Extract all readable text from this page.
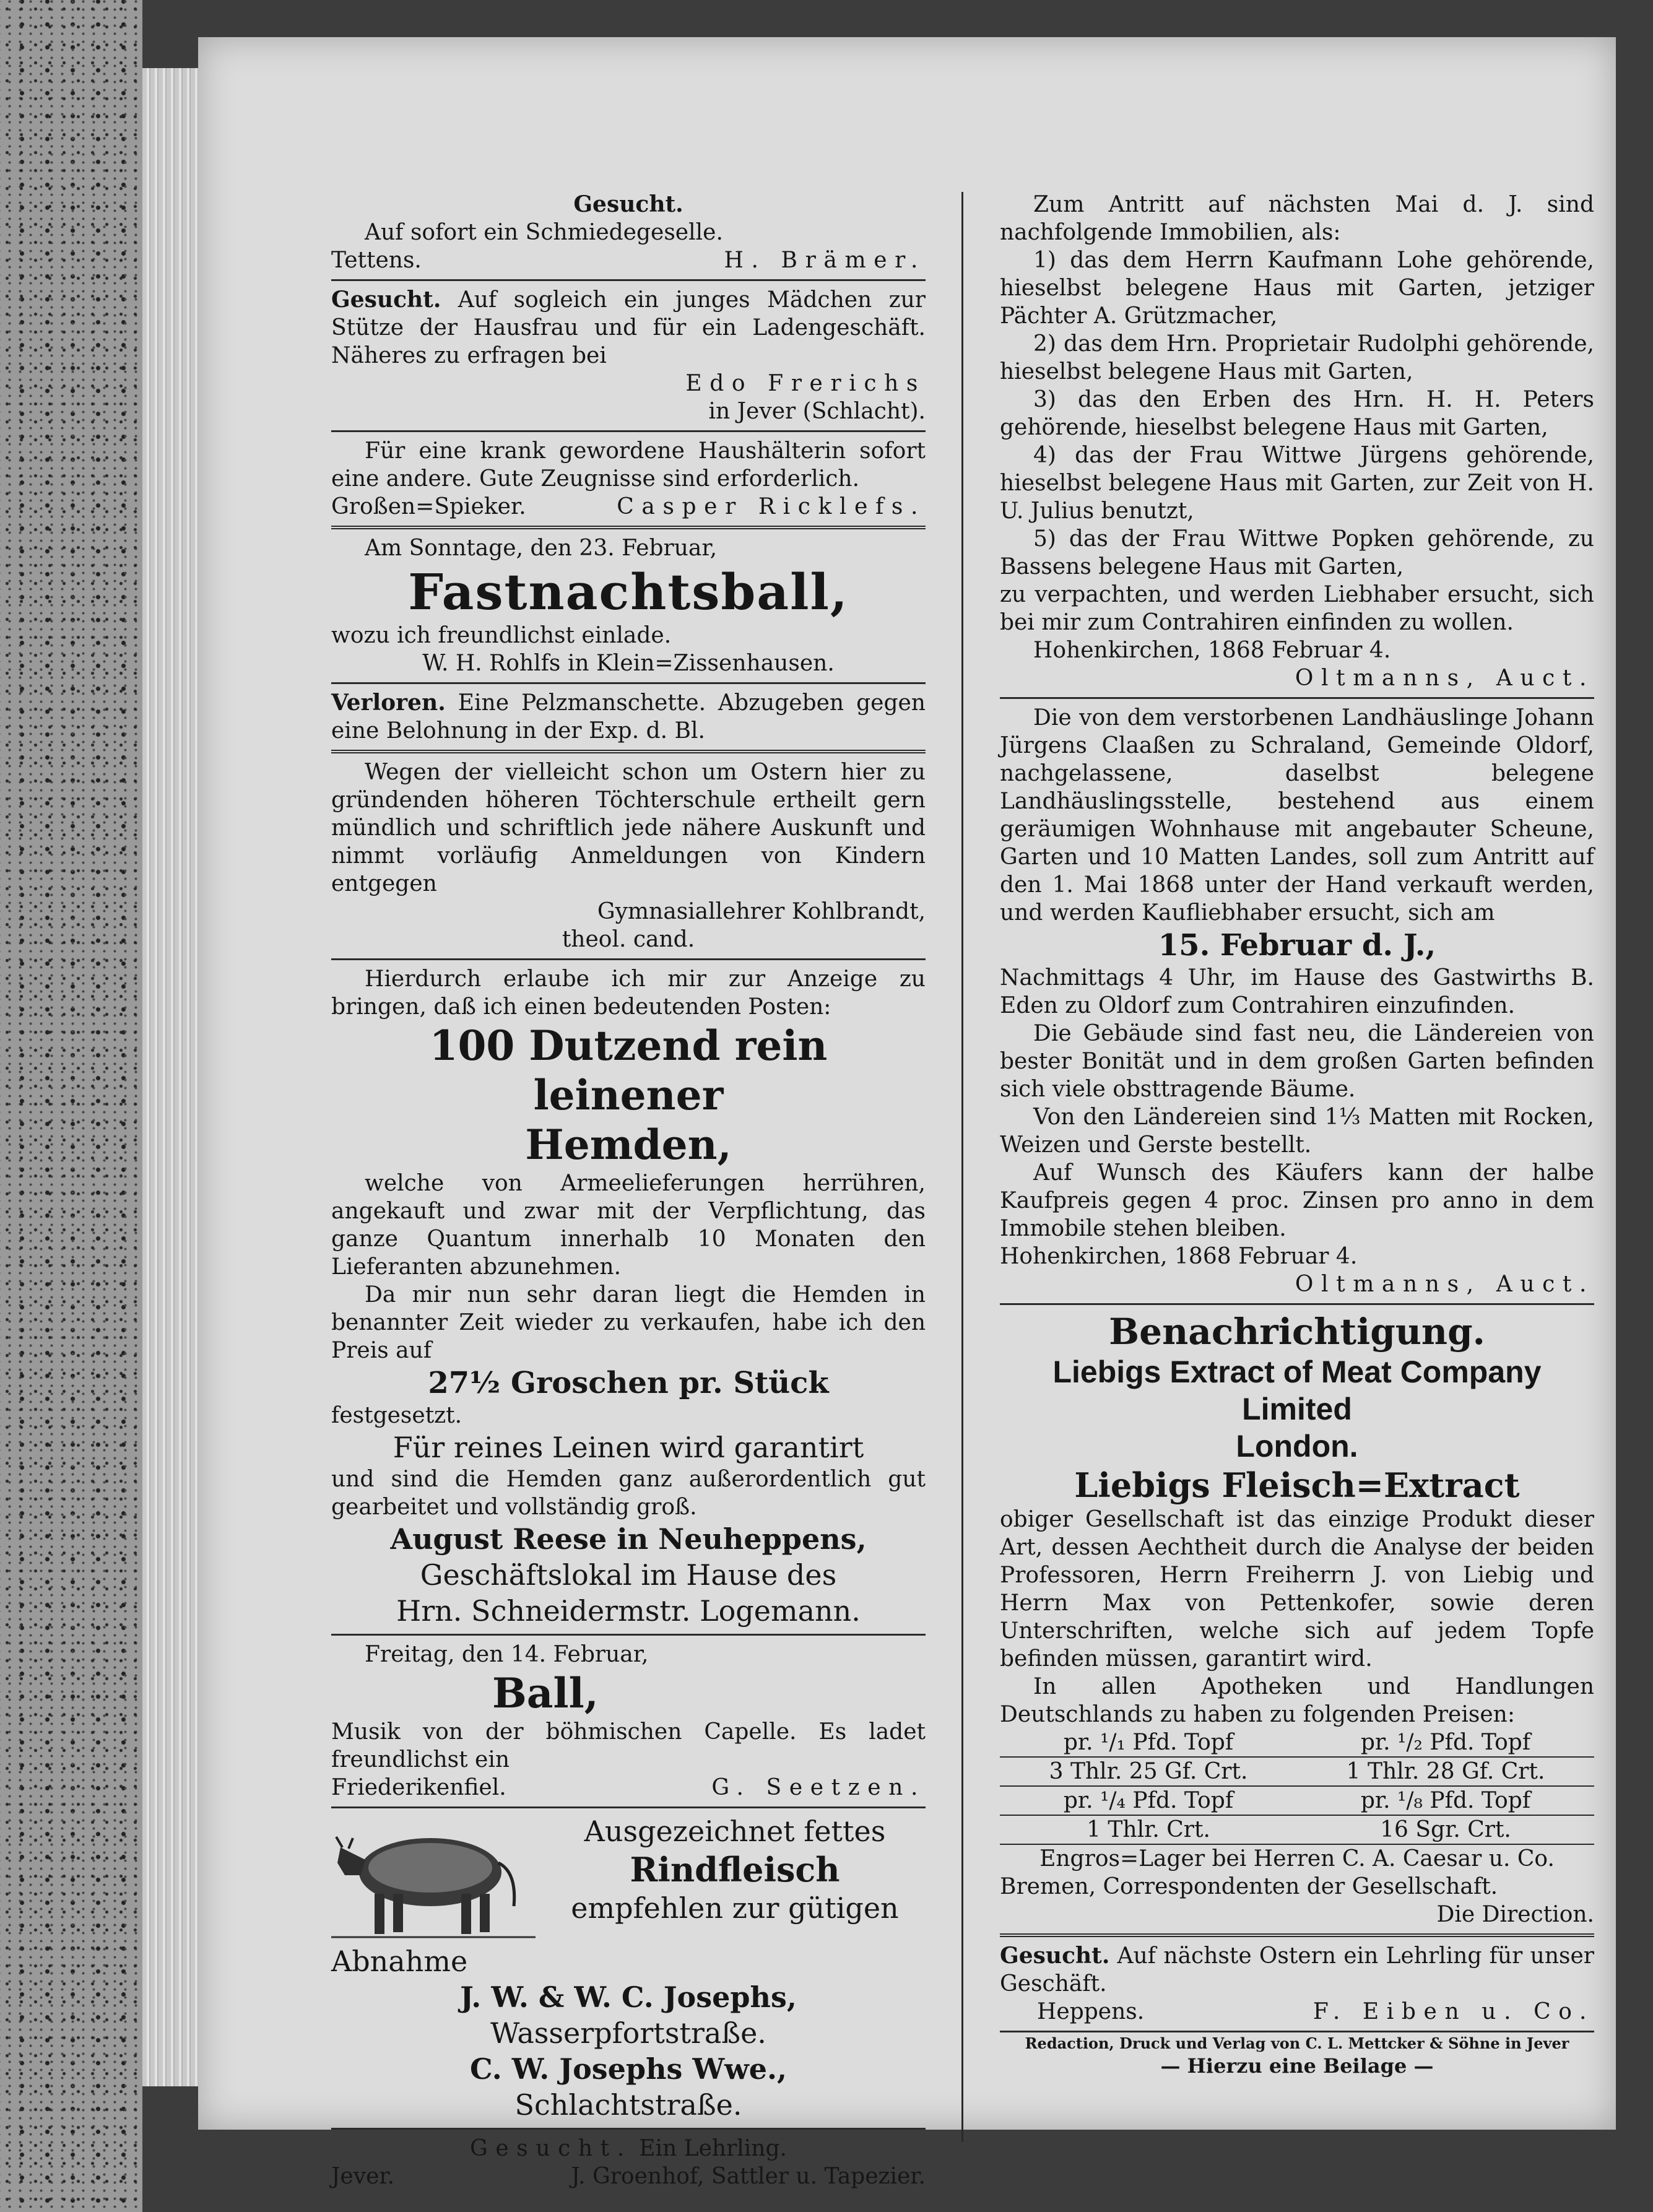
Gesucht.

Auf sofort ein Schmiedegeselle.

Tettens.	H. Brämer.

Gesucht. Auf sogleich ein junges Mädchen zur Stütze der Hausfrau und für ein Ladengeschäft. Näheres zu erfragen bei

Edo Frerichs

in Jever (Schlacht).

Für eine krank gewordene Haushälterin sofort eine andere. Gute Zeugnisse sind erforderlich.

Großen=Spieker.	Casper Ricklefs.

Am Sonntage, den 23. Februar,

Fastnachtsball,

wozu ich freundlichst einlade.

W. H. Rohlfs in Klein=Zissenhausen.

Verloren. Eine Pelzmanschette. Abzugeben gegen eine Belohnung in der Exp. d. Bl.

Wegen der vielleicht schon um Ostern hier zu gründenden höheren Töchterschule ertheilt gern mündlich und schriftlich jede nähere Auskunft und nimmt vorläufig Anmeldungen von Kindern entgegen

Gymnasiallehrer Kohlbrandt,

theol. cand.

Hierdurch erlaube ich mir zur Anzeige zu bringen, daß ich einen bedeutenden Posten:

100 Dutzend rein leinener

Hemden,

welche von Armeelieferungen herrühren, angekauft und zwar mit der Verpflichtung, das ganze Quantum innerhalb 10 Monaten den Lieferanten abzunehmen.

Da mir nun sehr daran liegt die Hemden in benannter Zeit wieder zu verkaufen, habe ich den Preis auf

27½ Groschen pr. Stück

festgesetzt.

Für reines Leinen wird garantirt

und sind die Hemden ganz außerordentlich gut gearbeitet und vollständig groß.

August Reese in Neuheppens,

Geschäftslokal im Hause des

Hrn. Schneidermstr. Logemann.

Freitag, den 14. Februar,

Ball,

Musik von der böhmischen Capelle. Es ladet freundlichst ein

Friederikenfiel.	G. Seetzen.

Ausgezeichnet fettes

Rindfleisch

empfehlen zur gütigen

Abnahme

J. W. & W. C. Josephs,

Wasserpfortstraße.

C. W. Josephs Wwe.,

Schlachtstraße.

Gesucht. Ein Lehrling.

Jever.	J. Groenhof, Sattler u. Tapezier.

Zum Antritt auf nächsten Mai d. J. sind nachfolgende Immobilien, als:

1) das dem Herrn Kaufmann Lohe gehörende, hieselbst belegene Haus mit Garten, jetziger Pächter A. Grützmacher,

2) das dem Hrn. Proprietair Rudolphi gehörende, hieselbst belegene Haus mit Garten,

3) das den Erben des Hrn. H. H. Peters gehörende, hieselbst belegene Haus mit Garten,

4) das der Frau Wittwe Jürgens gehörende, hieselbst belegene Haus mit Garten, zur Zeit von H. U. Julius benutzt,

5) das der Frau Wittwe Popken gehörende, zu Bassens belegene Haus mit Garten,

zu verpachten, und werden Liebhaber ersucht, sich bei mir zum Contrahiren einfinden zu wollen.

Hohenkirchen, 1868 Februar 4.

Oltmanns, Auct.

Die von dem verstorbenen Landhäuslinge Johann Jürgens Claaßen zu Schraland, Gemeinde Oldorf, nachgelassene, daselbst belegene Landhäuslingsstelle, bestehend aus einem geräumigen Wohnhause mit angebauter Scheune, Garten und 10 Matten Landes, soll zum Antritt auf den 1. Mai 1868 unter der Hand verkauft werden, und werden Kaufliebhaber ersucht, sich am

15. Februar d. J.,

Nachmittags 4 Uhr, im Hause des Gastwirths B. Eden zu Oldorf zum Contrahiren einzufinden.

Die Gebäude sind fast neu, die Ländereien von bester Bonität und in dem großen Garten befinden sich viele obsttragende Bäume.

Von den Ländereien sind 1⅓ Matten mit Rocken, Weizen und Gerste bestellt.

Auf Wunsch des Käufers kann der halbe Kaufpreis gegen 4 proc. Zinsen pro anno in dem Immobile stehen bleiben.

Hohenkirchen, 1868 Februar 4.

Oltmanns, Auct.

Benachrichtigung.

Liebigs Extract of Meat Company Limited

London.

Liebigs Fleisch=Extract

obiger Gesellschaft ist das einzige Produkt dieser Art, dessen Aechtheit durch die Analyse der beiden Professoren, Herrn Freiherrn J. von Liebig und Herrn Max von Pettenkofer, sowie deren Unterschriften, welche sich auf jedem Topfe befinden müssen, garantirt wird.

In allen Apotheken und Handlungen Deutschlands zu haben zu folgenden Preisen:

pr. ¹/₁ Pfd. Topf	pr. ¹/₂ Pfd. Topf
3 Thlr. 25 Gf. Crt.	1 Thlr. 28 Gf. Crt.
pr. ¹/₄ Pfd. Topf	pr. ¹/₈ Pfd. Topf
1 Thlr. Crt.	16 Sgr. Crt.

Engros=Lager bei Herren C. A. Caesar u. Co.

Bremen, Correspondenten der Gesellschaft.

Die Direction.

Gesucht. Auf nächste Ostern ein Lehrling für unser Geschäft.

Heppens.	F. Eiben u. Co.

Redaction, Druck und Verlag von C. L. Mettcker & Söhne in Jever

— Hierzu eine Beilage —
